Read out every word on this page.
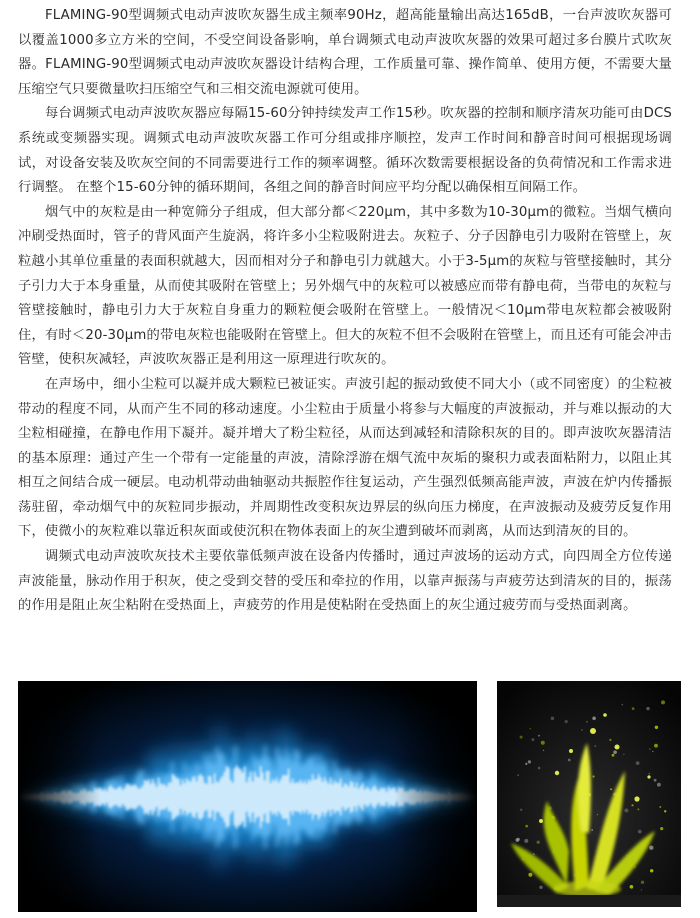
FLAMING-90型调频式电动声波吹灰器生成主频率90Hz，超高能量输出高达165dB，一台声波吹灰器可以覆盖1000多立方米的空间，不受空间设备影响，单台调频式电动声波吹灰器的效果可超过多台膜片式吹灰器。FLAMING-90型调频式电动声波吹灰器设计结构合理，工作质量可靠、操作简单、使用方便，不需要大量压缩空气只要微量吹扫压缩空气和三相交流电源就可使用。

每台调频式电动声波吹灰器应每隔15-60分钟持续发声工作15秒。吹灰器的控制和顺序清灰功能可由DCS系统或变频器实现。调频式电动声波吹灰器工作可分组或排序顺控，发声工作时间和静音时间可根据现场调试，对设备安装及吹灰空间的不同需要进行工作的频率调整。循环次数需要根据设备的负荷情况和工作需求进行调整。 在整个15-60分钟的循环期间，各组之间的静音时间应平均分配以确保相互间隔工作。

烟气中的灰粒是由一种宽筛分子组成，但大部分都＜220μm，其中多数为10-30μm的微粒。当烟气横向冲刷受热面时，管子的背风面产生旋涡，将许多小尘粒吸附进去。灰粒子、分子因静电引力吸附在管壁上，灰粒越小其单位重量的表面积就越大，因而相对分子和静电引力就越大。小于3-5μm的灰粒与管壁接触时，其分子引力大于本身重量，从而使其吸附在管壁上；另外烟气中的灰粒可以被感应而带有静电荷，当带电的灰粒与管壁接触时，静电引力大于灰粒自身重力的颗粒便会吸附在管壁上。一般情况＜10μm带电灰粒都会被吸附住，有时＜20-30μm的带电灰粒也能吸附在管壁上。但大的灰粒不但不会吸附在管壁上，而且还有可能会冲击管壁，使积灰减轻，声波吹灰器正是利用这一原理进行吹灰的。

在声场中，细小尘粒可以凝并成大颗粒已被证实。声波引起的振动致使不同大小（或不同密度）的尘粒被带动的程度不同，从而产生不同的移动速度。小尘粒由于质量小将参与大幅度的声波振动，并与难以振动的大尘粒相碰撞，在静电作用下凝并。凝并增大了粉尘粒径，从而达到减轻和清除积灰的目的。即声波吹灰器清洁的基本原理：通过产生一个带有一定能量的声波，清除浮游在烟气流中灰垢的聚积力或表面粘附力，以阻止其相互之间结合成一硬层。电动机带动曲轴驱动共振腔作往复运动，产生强烈低频高能声波，声波在炉内传播振荡驻留，牵动烟气中的灰粒同步振动，并周期性改变积灰边界层的纵向压力梯度，在声波振动及疲劳反复作用下，使微小的灰粒难以靠近积灰面或使沉积在物体表面上的灰尘遭到破坏而剥离，从而达到清灰的目的。

调频式电动声波吹灰技术主要依靠低频声波在设备内传播时，通过声波场的运动方式，向四周全方位传递声波能量，脉动作用于积灰，使之受到交替的受压和牵拉的作用，以靠声振荡与声疲劳达到清灰的目的，振荡的作用是阻止灰尘粘附在受热面上，声疲劳的作用是使粘附在受热面上的灰尘通过疲劳而与受热面剥离。
